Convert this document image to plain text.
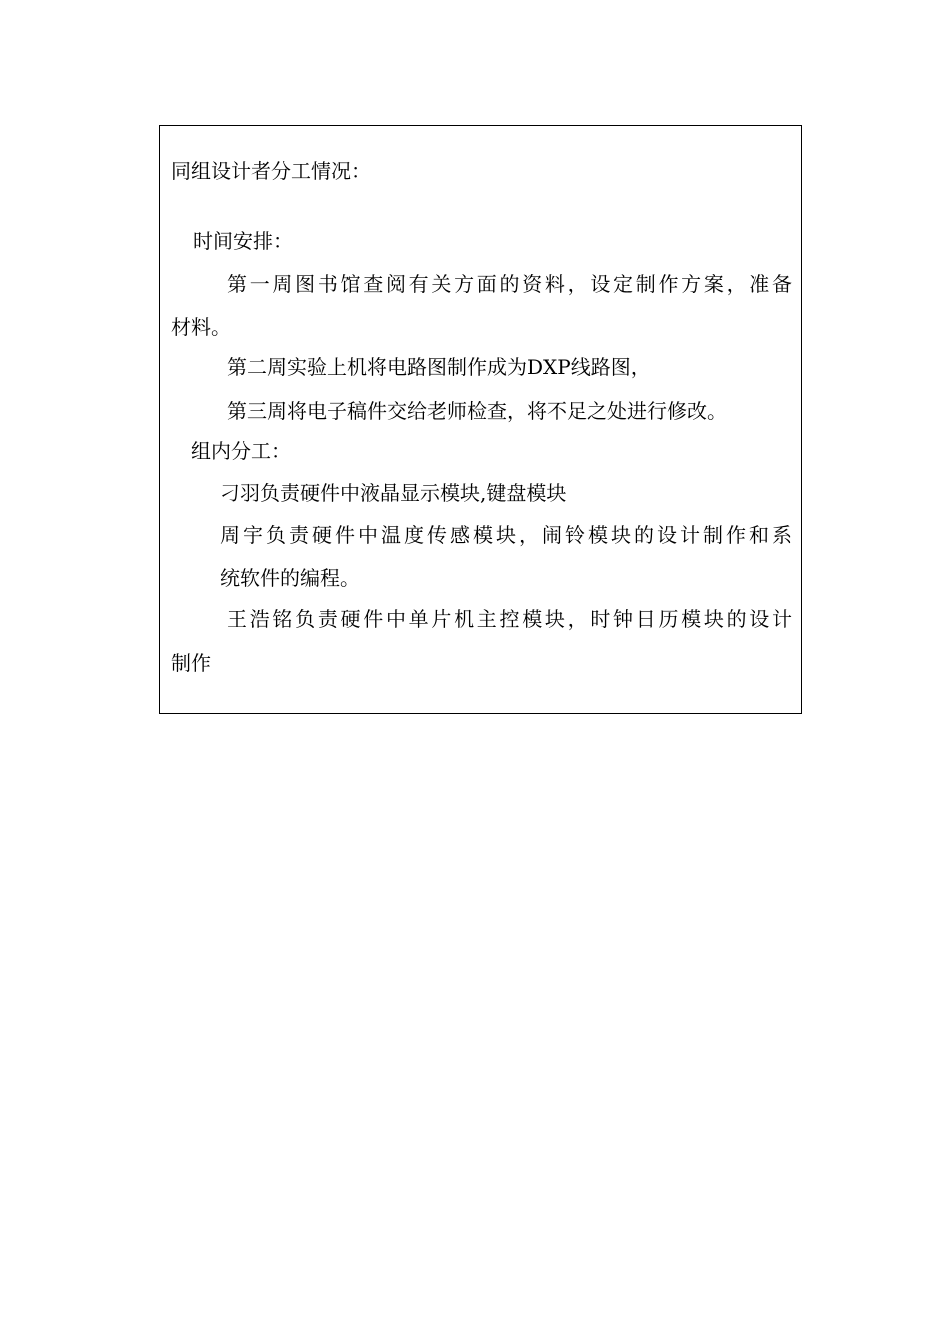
同组设计者分工情况：
时间安排：
第一周图书馆查阅有关方面的资料，设定制作方案，准备
材料。
第二周实验上机将电路图制作成为DXP线路图，
第三周将电子稿件交给老师检查，将不足之处进行修改。
组内分工：
刁羽负责硬件中液晶显示模块,键盘模块
周宇负责硬件中温度传感模块，闹铃模块的设计制作和系
统软件的编程。
王浩铭负责硬件中单片机主控模块，时钟日历模块的设计
制作
